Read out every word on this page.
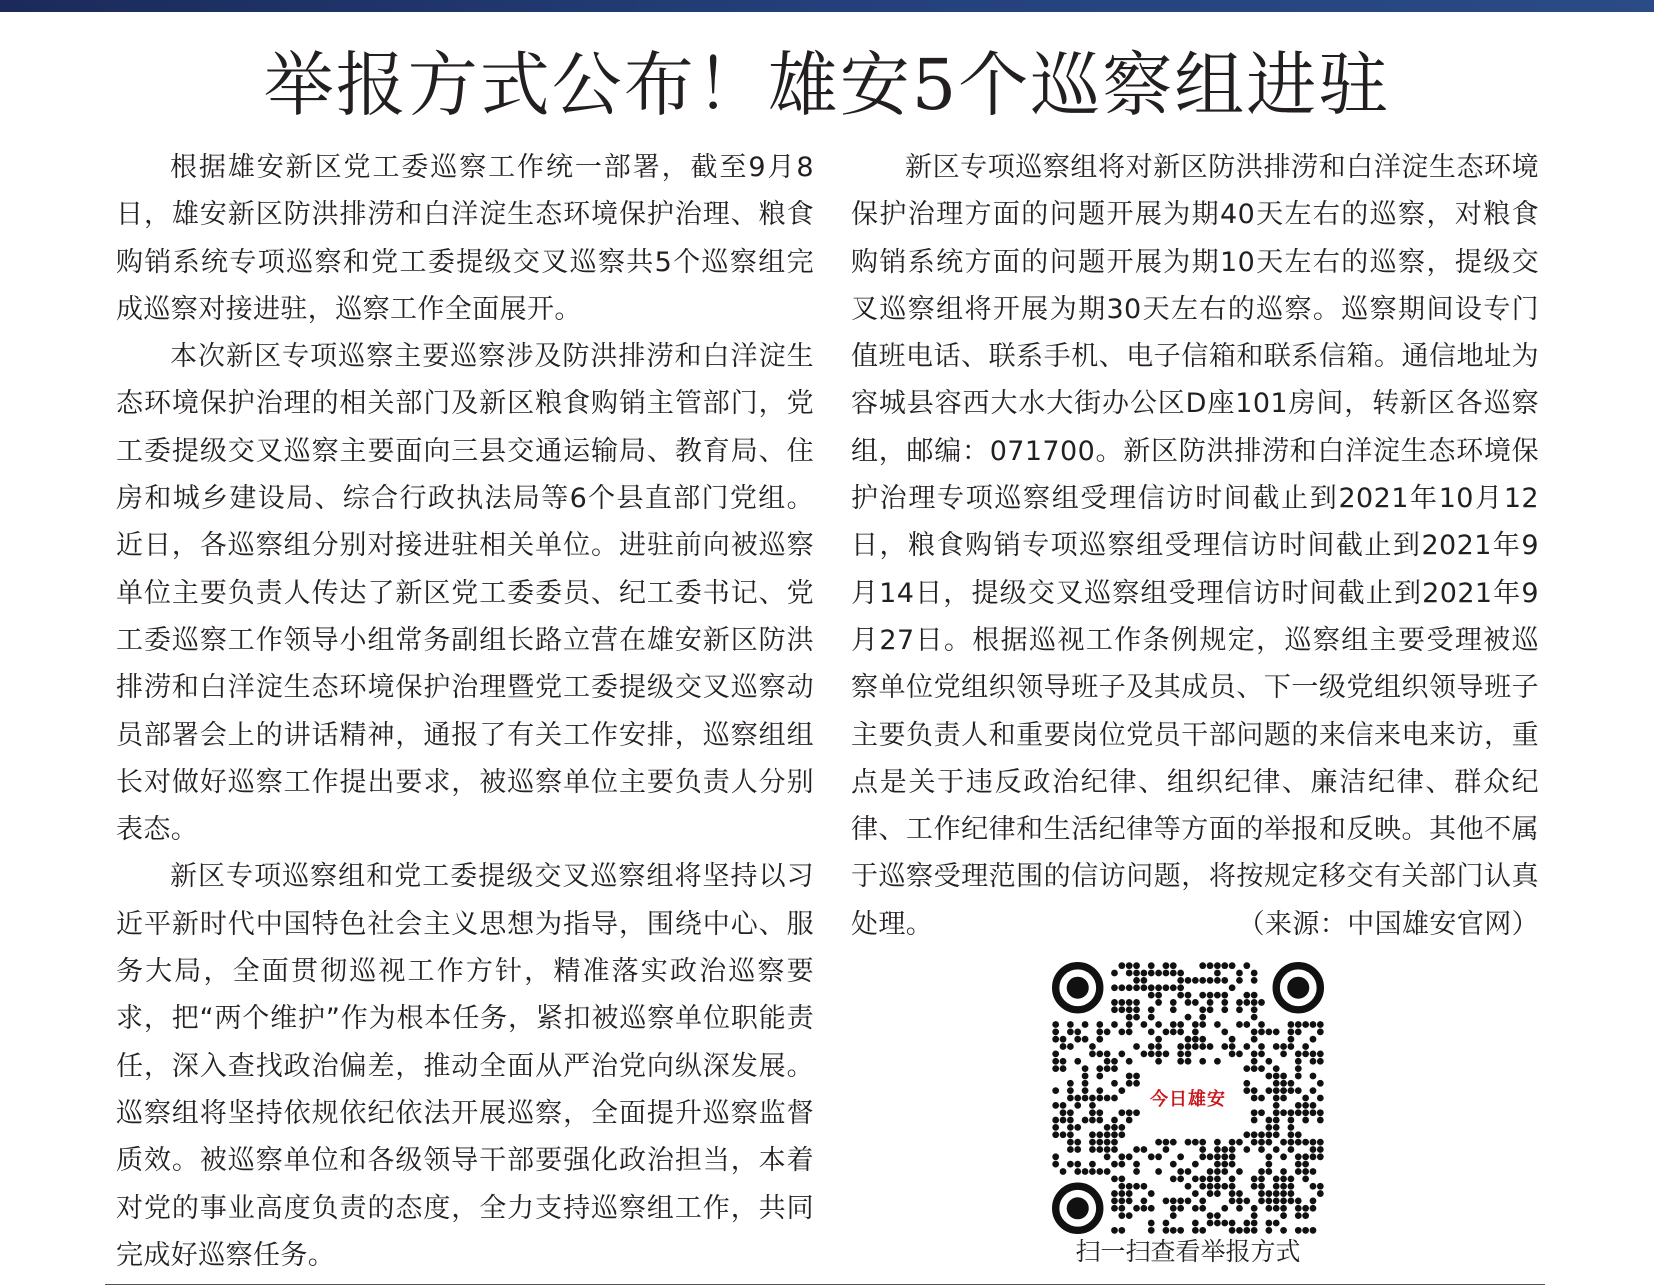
举报方式公布！雄安5个巡察组进驻

根据雄安新区党工委巡察工作统一部署，截至9月8日，雄安新区防洪排涝和白洋淀生态环境保护治理、粮食购销系统专项巡察和党工委提级交叉巡察共5个巡察组完成巡察对接进驻，巡察工作全面展开。

本次新区专项巡察主要巡察涉及防洪排涝和白洋淀生态环境保护治理的相关部门及新区粮食购销主管部门，党工委提级交叉巡察主要面向三县交通运输局、教育局、住房和城乡建设局、综合行政执法局等6个县直部门党组。近日，各巡察组分别对接进驻相关单位。进驻前向被巡察单位主要负责人传达了新区党工委委员、纪工委书记、党工委巡察工作领导小组常务副组长路立营在雄安新区防洪排涝和白洋淀生态环境保护治理暨党工委提级交叉巡察动员部署会上的讲话精神，通报了有关工作安排，巡察组组长对做好巡察工作提出要求，被巡察单位主要负责人分别表态。

新区专项巡察组和党工委提级交叉巡察组将坚持以习近平新时代中国特色社会主义思想为指导，围绕中心、服务大局，全面贯彻巡视工作方针，精准落实政治巡察要求，把“两个维护”作为根本任务，紧扣被巡察单位职能责任，深入查找政治偏差，推动全面从严治党向纵深发展。巡察组将坚持依规依纪依法开展巡察，全面提升巡察监督质效。被巡察单位和各级领导干部要强化政治担当，本着对党的事业高度负责的态度，全力支持巡察组工作，共同完成好巡察任务。

新区专项巡察组将对新区防洪排涝和白洋淀生态环境保护治理方面的问题开展为期40天左右的巡察，对粮食购销系统方面的问题开展为期10天左右的巡察，提级交叉巡察组将开展为期30天左右的巡察。巡察期间设专门值班电话、联系手机、电子信箱和联系信箱。通信地址为容城县容西大水大街办公区D座101房间，转新区各巡察组，邮编：071700。新区防洪排涝和白洋淀生态环境保护治理专项巡察组受理信访时间截止到2021年10月12日，粮食购销专项巡察组受理信访时间截止到2021年9月14日，提级交叉巡察组受理信访时间截止到2021年9月27日。根据巡视工作条例规定，巡察组主要受理被巡察单位党组织领导班子及其成员、下一级党组织领导班子主要负责人和重要岗位党员干部问题的来信来电来访，重点是关于违反政治纪律、组织纪律、廉洁纪律、群众纪律、工作纪律和生活纪律等方面的举报和反映。其他不属于巡察受理范围的信访问题，将按规定移交有关部门认真处理。	（来源：中国雄安官网）
今日雄安
扫一扫查看举报方式
